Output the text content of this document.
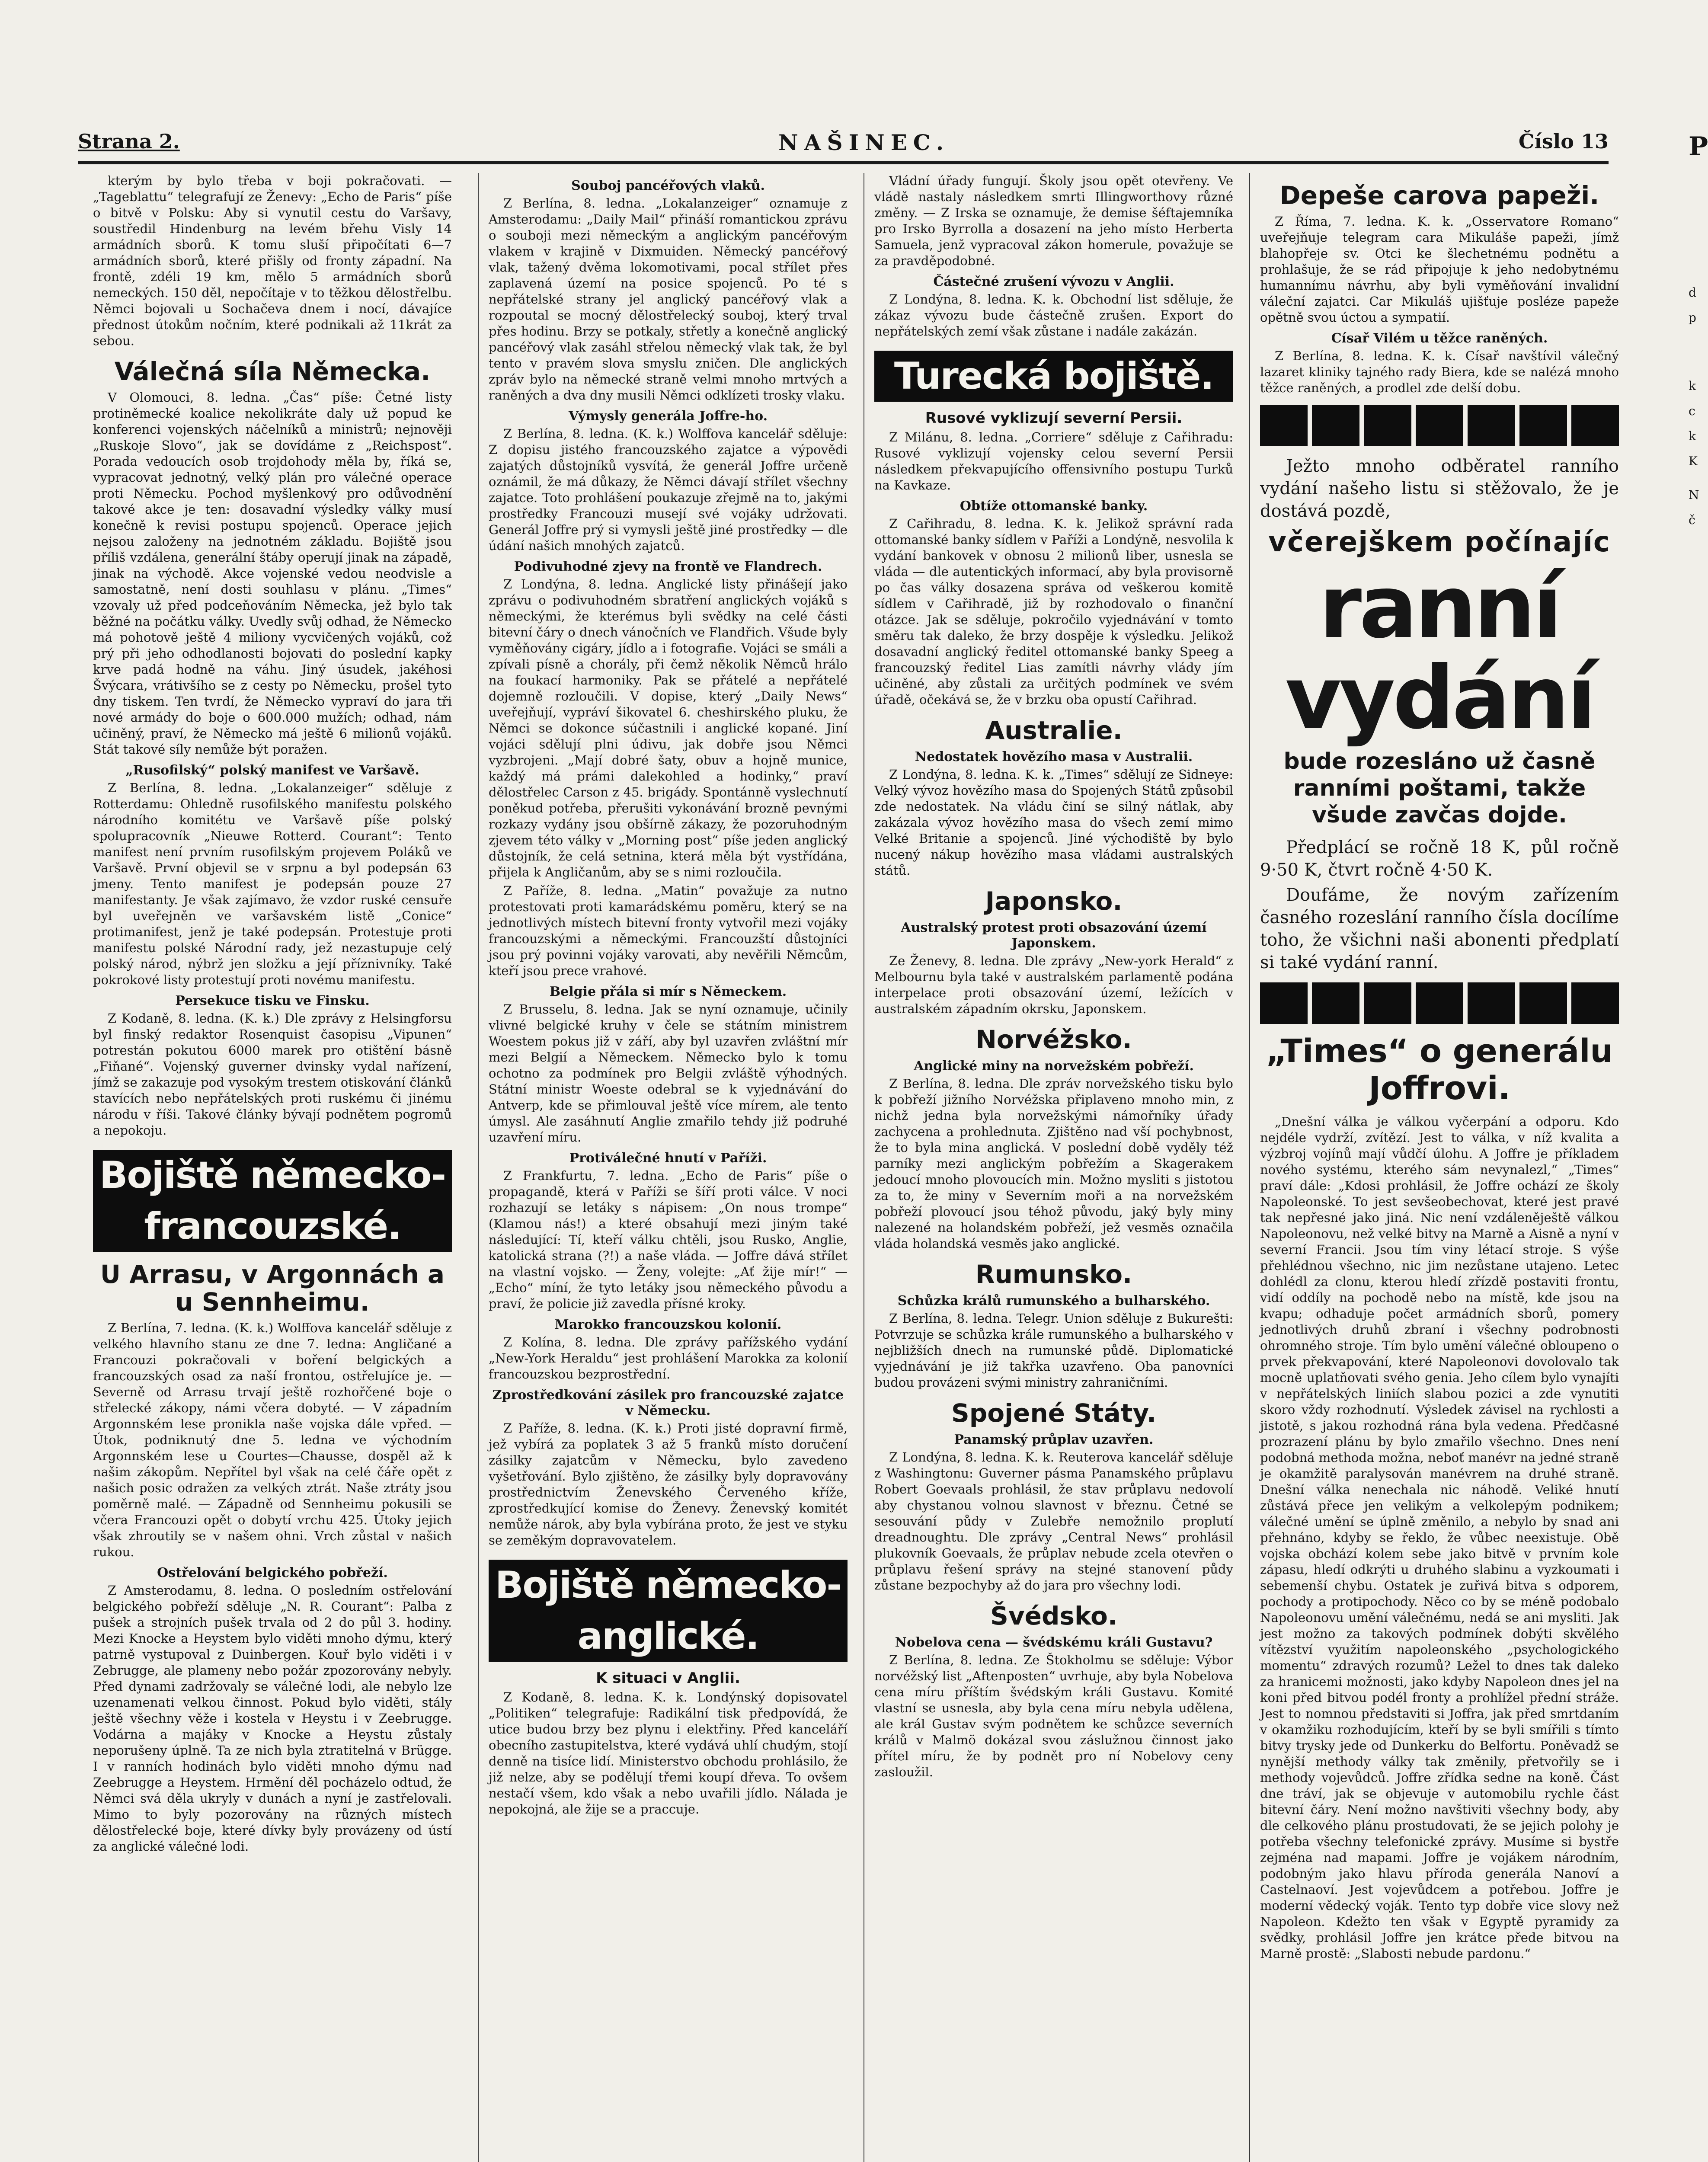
Strana 2.	NAŠINEC.	Číslo 13

kterým by bylo třeba v boji pokračovati. — „Tageblattu“ telegrafují ze Ženevy: „Echo de Paris“ píše o bitvě v Polsku: Aby si vynutil cestu do Varšavy, soustředil Hindenburg na levém břehu Visly 14 armádních sborů. K tomu sluší připočítati 6—7 armádních sborů, které přišly od fronty západní. Na frontě, zdéli 19 km, mělo 5 armádních sborů nemeckých. 150 děl, nepočítaje v to těžkou dělostřelbu. Němci bojovali u Sochačeva dnem i nocí, dávajíce přednost útokům nočním, které podnikali až 11krát za sebou.

Válečná síla Německa.

V Olomouci, 8. ledna. „Čas“ píše: Četné listy protiněmecké koalice nekolikráte daly už popud ke konferenci vojenských náčelníků a ministrů; nejnověji „Ruskoje Slovo“, jak se dovídáme z „Reichspost“. Porada vedoucích osob trojdohody měla by, říká se, vypracovat jednotný, velký plán pro válečné operace proti Německu. Pochod myšlenkový pro odůvodnění takové akce je ten: dosavadní výsledky války musí konečně k revisi postupu spojenců. Operace jejich nejsou založeny na jednotném základu. Bojiště jsou příliš vzdálena, generální štáby operují jinak na západě, jinak na východě. Akce vojenské vedou neodvisle a samostatně, není dosti souhlasu v plánu. „Times“ vzovaly už před podceňováním Německa, jež bylo tak běžné na počátku války. Uvedly svůj odhad, že Německo má pohotově ještě 4 miliony vycvičených vojáků, což prý při jeho odhodlanosti bojovati do poslední kapky krve padá hodně na váhu. Jiný úsudek, jakéhosi Švýcara, vrátivšího se z cesty po Německu, prošel tyto dny tiskem. Ten tvrdí, že Německo vypraví do jara tři nové armády do boje o 600.000 mužích; odhad, nám učiněný, praví, že Německo má ještě 6 milionů vojáků. Stát takové síly nemůže být poražen.

„Rusofilský“ polský manifest ve Varšavě.

Z Berlína, 8. ledna. „Lokalanzeiger“ sděluje z Rotterdamu: Ohledně rusofilského manifestu polského národního komitétu ve Varšavě píše polský spolupracovník „Nieuwe Rotterd. Courant“: Tento manifest není prvním rusofilským projevem Poláků ve Varšavě. První objevil se v srpnu a byl podepsán 63 jmeny. Tento manifest je podepsán pouze 27 manifestanty. Je však zajímavo, že vzdor ruské censuře byl uveřejněn ve varšavském listě „Conice“ protimanifest, jenž je také podepsán. Protestuje proti manifestu polské Národní rady, jež nezastupuje celý polský národ, nýbrž jen složku a její příznivníky. Také pokrokové listy protestují proti novému manifestu.

Persekuce tisku ve Finsku.

Z Kodaně, 8. ledna. (K. k.) Dle zprávy z Helsingforsu byl finský redaktor Rosenquist časopisu „Vipunen“ potrestán pokutou 6000 marek pro otištění básně „Fiňané“. Vojenský guverner dvinsky vydal nařízení, jímž se zakazuje pod vysokým trestem otiskování článků stavících nebo nepřátelských proti ruskému či jinému národu v říši. Takové články bývají podnětem pogromů a nepokoju.

Bojiště německo-francouzské.
U Arrasu, v Argonnách a u Sennheimu.

Z Berlína, 7. ledna. (K. k.) Wolffova kancelář sděluje z velkého hlavního stanu ze dne 7. ledna: Angličané a Francouzi pokračovali v boření belgických a francouzských osad za naší frontou, ostřelujíce je. — Severně od Arrasu trvají ještě rozhořčené boje o střelecké zákopy, námi včera dobyté. — V západním Argonnském lese pronikla naše vojska dále vpřed. — Útok, podniknutý dne 5. ledna ve východním Argonnském lese u Courtes—Chausse, dospěl až k našim zákopům. Nepřítel byl však na celé čáře opět z našich posic odražen za velkých ztrát. Naše ztráty jsou poměrně malé. — Západně od Sennheimu pokusili se včera Francouzi opět o dobytí vrchu 425. Útoky jejich však zhroutily se v našem ohni. Vrch zůstal v našich rukou.

Ostřelování belgického pobřeží.

Z Amsterodamu, 8. ledna. O posledním ostřelování belgického pobřeží sděluje „N. R. Courant“: Palba z pušek a strojních pušek trvala od 2 do půl 3. hodiny. Mezi Knocke a Heystem bylo viděti mnoho dýmu, který patrně vystupoval z Duinbergen. Kouř bylo viděti i v Zebrugge, ale plameny nebo požár zpozorovány nebyly. Před dynami zadržovaly se válečné lodi, ale nebylo lze uzenamenati velkou činnost. Pokud bylo viděti, stály ještě všechny věže i kostela v Heystu i v Zeebrugge. Vodárna a majáky v Knocke a Heystu zůstaly neporušeny úplně. Ta ze nich byla ztratitelná v Brügge. I v ranních hodinách bylo viděti mnoho dýmu nad Zeebrugge a Heystem. Hrmění děl pocházelo odtud, že Němci svá děla ukryly v dunách a nyní je zastřelovali. Mimo to byly pozorovány na různých místech dělostřelecké boje, které dívky byly provázeny od ústí za anglické válečné lodi.

Souboj pancéřových vlaků.

Z Berlína, 8. ledna. „Lokalanzeiger“ oznamuje z Amsterodamu: „Daily Mail“ přináší romantickou zprávu o souboji mezi německým a anglickým pancéřovým vlakem v krajině v Dixmuiden. Německý pancéřový vlak, tažený dvěma lokomotivami, pocal střílet přes zaplavená území na posice spojenců. Po té s nepřátelské strany jel anglický pancéřový vlak a rozpoutal se mocný dělostřelecký souboj, který trval přes hodinu. Brzy se potkaly, střetly a konečně anglický pancéřový vlak zasáhl střelou německý vlak tak, že byl tento v pravém slova smyslu zničen. Dle anglických zpráv bylo na německé straně velmi mnoho mrtvých a raněných a dva dny musili Němci odklízeti trosky vlaku.

Výmysly generála Joffre-ho.

Z Berlína, 8. ledna. (K. k.) Wolffova kancelář sděluje: Z dopisu jistého francouzského zajatce a výpovědi zajatých důstojníků vysvítá, že generál Joffre určeně oznámil, že má důkazy, že Němci dávají střílet všechny zajatce. Toto prohlášení poukazuje zřejmě na to, jakými prostředky Francouzi musejí své vojáky udržovati. Generál Joffre prý si vymysli ještě jiné prostředky — dle údání našich mnohých zajatců.

Podivuhodné zjevy na frontě ve Flandrech.

Z Londýna, 8. ledna. Anglické listy přinášejí jako zprávu o podivuhodném sbratření anglických vojáků s německými, že kterémus byli svědky na celé části bitevní čáry o dnech vánočních ve Flandřich. Všude byly vyměňovány cigáry, jídlo a i fotografie. Vojáci se smáli a zpívali písně a chorály, při čemž několik Němců hrálo na foukací harmoniky. Pak se přátelé a nepřátelé dojemně rozloučili. V dopise, který „Daily News“ uveřejňují, vypráví šikovatel 6. cheshirského pluku, že Němci se dokonce súčastnili i anglické kopané. Jiní vojáci sdělují plni údivu, jak dobře jsou Němci vyzbrojeni. „Mají dobré šaty, obuv a hojně munice, každý má prámi dalekohled a hodinky,“ praví dělostřelec Carson z 45. brigády. Spontánně vyslechnutí poněkud potřeba, přerušiti vykonávání brozně pevnými rozkazy vydány jsou obšírně zákazy, že pozoruhodným zjevem této války v „Morning post“ píše jeden anglický důstojník, že celá setnina, která měla být vystřídána, přijela k Angličanům, aby se s nimi rozloučila.

Z Paříže, 8. ledna. „Matin“ považuje za nutno protestovati proti kamarádskému poměru, který se na jednotlivých místech bitevní fronty vytvořil mezi vojáky francouzskými a německými. Francouzští důstojníci jsou prý povinni vojáky varovati, aby nevěřili Němcům, kteří jsou prece vrahové.

Belgie přála si mír s Německem.

Z Brusselu, 8. ledna. Jak se nyní oznamuje, učinily vlivné belgické kruhy v čele se státním ministrem Woestem pokus již v září, aby byl uzavřen zvláštní mír mezi Belgií a Německem. Německo bylo k tomu ochotno za podmínek pro Belgii zvláště výhodných. Státní ministr Woeste odebral se k vyjednávání do Antverp, kde se přimlouval ještě více mírem, ale tento úmysl. Ale zasáhnutí Anglie zmařilo tehdy již podruhé uzavření míru.

Protiválečné hnutí v Paříži.

Z Frankfurtu, 7. ledna. „Echo de Paris“ píše o propagandě, která v Paříži se šíří proti válce. V noci rozhazují se letáky s nápisem: „On nous trompe“ (Klamou nás!) a které obsahují mezi jiným také následující: Tí, kteří válku chtěli, jsou Rusko, Anglie, katolická strana (?!) a naše vláda. — Joffre dává střílet na vlastní vojsko. — Ženy, volejte: „Ať žije mír!“ — „Echo“ míní, že tyto letáky jsou německého původu a praví, že policie již zavedla přísné kroky.

Marokko francouzskou kolonií.

Z Kolína, 8. ledna. Dle zprávy pařížského vydání „New-York Heraldu“ jest prohlášení Marokka za kolonií francouzskou bezprostřední.

Zprostředkování zásilek pro francouzské zajatce v Německu.

Z Paříže, 8. ledna. (K. k.) Proti jisté dopravní firmě, jež vybírá za poplatek 3 až 5 franků místo doručení zásilky zajatcům v Německu, bylo zavedeno vyšetřování. Bylo zjištěno, že zásilky byly dopravovány prostřednictvím Ženevského Červeného kříže, zprostředkující komise do Ženevy. Ženevský komitét nemůže nárok, aby byla vybírána proto, že jest ve styku se zeměkým dopravovatelem.

Bojiště německo-anglické.
K situaci v Anglii.

Z Kodaně, 8. ledna. K. k. Londýnský dopisovatel „Politiken“ telegrafuje: Radikální tisk předpovídá, že utice budou brzy bez plynu i elektřiny. Před kanceláří obecního zastupitelstva, které vydává uhlí chudým, stojí denně na tisíce lidí. Ministerstvo obchodu prohlásilo, že již nelze, aby se podělují třemi koupí dřeva. To ovšem nestačí všem, kdo však a nebo uvařili jídlo. Nálada je nepokojná, ale žije se a praccuje.

Vládní úřady fungují. Školy jsou opět otevřeny. Ve vládě nastaly následkem smrti Illingworthovy různé změny. — Z Irska se oznamuje, že demise šéftajemníka pro Irsko Byrrolla a dosazení na jeho místo Herberta Samuela, jenž vypracoval zákon homerule, považuje se za pravděpodobné.

Částečné zrušení vývozu v Anglii.

Z Londýna, 8. ledna. K. k. Obchodní list sděluje, že zákaz vývozu bude částečně zrušen. Export do nepřátelských zemí však zůstane i nadále zakázán.

Turecká bojiště.
Rusové vyklizují severní Persii.

Z Milánu, 8. ledna. „Corriere“ sděluje z Cařihradu: Rusové vyklizují vojensky celou severní Persii následkem překvapujícího offensivního postupu Turků na Kavkaze.

Obtíže ottomanské banky.

Z Cařihradu, 8. ledna. K. k. Jelikož správní rada ottomanské banky sídlem v Paříži a Londýně, nesvolila k vydání bankovek v obnosu 2 milionů liber, usnesla se vláda — dle autentických informací, aby byla provisorně po čas války dosazena správa od veškerou komitě sídlem v Cařihradě, již by rozhodovalo o finanční otázce. Jak se sděluje, pokročilo vyjednávání v tomto směru tak daleko, že brzy dospěje k výsledku. Jelikož dosavadní anglický ředitel ottomanské banky Speeg a francouzský ředitel Lias zamítli návrhy vlády jím učiněné, aby zůstali za určitých podmínek ve svém úřadě, očekává se, že v brzku oba opustí Cařihrad.

Australie.
Nedostatek hovězího masa v Australii.

Z Londýna, 8. ledna. K. k. „Times“ sdělují ze Sidneye: Velký vývoz hovězího masa do Spojených Států způsobil zde nedostatek. Na vládu činí se silný nátlak, aby zakázala vývoz hovězího masa do všech zemí mimo Velké Britanie a spojenců. Jiné východiště by bylo nucený nákup hovězího masa vládami australských států.

Japonsko.
Australský protest proti obsazování území Japonskem.

Ze Ženevy, 8. ledna. Dle zprávy „New-york Herald“ z Melbournu byla také v australském parlamentě podána interpelace proti obsazování území, ležících v australském západním okrsku, Japonskem.

Norvéžsko.
Anglické miny na norvežském pobřeží.

Z Berlína, 8. ledna. Dle zpráv norvežského tisku bylo k pobřeží jižního Norvéžska připlaveno mnoho min, z nichž jedna byla norvežskými námořníky úřady zachycena a prohlednuta. Zjištěno nad vší pochybnost, že to byla mina anglická. V poslední době vyděly též parníky mezi anglickým pobřežím a Skagerakem jedoucí mnoho plovoucích min. Možno mysliti s jistotou za to, že miny v Severním moři a na norvežském pobřeží plovoucí jsou téhož původu, jaký byly miny nalezené na holandském pobřeží, jež vesměs označila vláda holandská vesměs jako anglické.

Rumunsko.
Schůzka králů rumunského a bulharského.

Z Berlína, 8. ledna. Telegr. Union sděluje z Bukurešti: Potvrzuje se schůzka krále rumunského a bulharského v nejbližších dnech na rumunské půdě. Diplomatické vyjednávání je již takřka uzavřeno. Oba panovníci budou provázeni svými ministry zahraničními.

Spojené Státy.
Panamský průplav uzavřen.

Z Londýna, 8. ledna. K. k. Reuterova kancelář sděluje z Washingtonu: Guverner pásma Panamského průplavu Robert Goevaals prohlásil, že stav průplavu nedovolí aby chystanou volnou slavnost v březnu. Četné se sesouvání půdy v Zulebře nemožnilo proplutí dreadnoughtu. Dle zprávy „Central News“ prohlásil plukovník Goevaals, že průplav nebude zcela otevřen o průplavu řešení správy na stejné stanovení půdy zůstane bezpochyby až do jara pro všechny lodi.

Švédsko.
Nobelova cena — švédskému králi Gustavu?

Z Berlína, 8. ledna. Ze Štokholmu se sděluje: Výbor norvéžský list „Aftenposten“ uvrhuje, aby byla Nobelova cena míru příštím švédským králi Gustavu. Komité vlastní se usnesla, aby byla cena míru nebyla udělena, ale král Gustav svým podnětem ke schůzce severních králů v Malmö dokázal svou záslužnou činnost jako přítel míru, že by podnět pro ní Nobelovy ceny zasloužil.

Depeše carova papeži.

Z Říma, 7. ledna. K. k. „Osservatore Romano“ uveřejňuje telegram cara Mikuláše papeži, jímž blahopřeje sv. Otci ke šlechetnému podnětu a prohlašuje, že se rád připojuje k jeho nedobytnému humannímu návrhu, aby byli vyměňování invalidní váleční zajatci. Car Mikuláš ujišťuje posléze papeže opětně svou úctou a sympatií.

Císař Vilém u těžce raněných.

Z Berlína, 8. ledna. K. k. Císař navštívil válečný lazaret kliniky tajného rady Biera, kde se nalézá mnoho těžce raněných, a prodlel zde delší dobu.

Ježto mnoho odběratel ranního vydání našeho listu si stěžovalo, že je dostává pozdě,

včerejškem počínajíc
ranní vydání
bude rozesláno už časně ranními poštami, takže všude zavčas dojde.

Předplácí se ročně 18 K, půl ročně 9·50 K, čtvrt ročně 4·50 K.

Doufáme, že novým zařízením časného rozeslání ranního čísla docílíme toho, že všichni naši abonenti předplatí si také vydání ranní.

„Times“ o generálu Joffrovi.

„Dnešní válka je válkou vyčerpání a odporu. Kdo nejdéle vydrží, zvítězí. Jest to válka, v níž kvalita a výzbroj vojínů mají vůdčí úlohu. A Joffre je příkladem nového systému, kterého sám nevynalezl,“ „Times“ praví dále: „Kdosi prohlásil, že Joffre ochází ze školy Napoleonské. To jest sevšeobechovat, které jest pravé tak nepřesné jako jiná. Nic není vzdáleněještě válkou Napoleonovu, než velké bitvy na Marně a Aisně a nyní v severní Francii. Jsou tím viny létací stroje. S výše přehlédnou všechno, nic jim nezůstane utajeno. Letec dohlédl za clonu, kterou hledí zřízdě postaviti frontu, vidí oddíly na pochodě nebo na místě, kde jsou na kvapu; odhaduje počet armádních sborů, pomery jednotlivých druhů zbraní i všechny podrobnosti ohromného stroje. Tím bylo umění válečné obloupeno o prvek překvapování, které Napoleonovi dovolovalo tak mocně uplatňovati svého genia. Jeho cílem bylo vynajíti v nepřátelských liniích slabou pozici a zde vynutiti skoro vždy rozhodnutí. Výsledek závisel na rychlosti a jistotě, s jakou rozhodná rána byla vedena. Předčasné prozrazení plánu by bylo zmařilo všechno. Dnes není podobná methoda možna, neboť manévr na jedné straně je okamžitě paralysován manévrem na druhé straně. Dnešní válka nenechala nic náhodě. Veliké hnutí zůstává přece jen velikým a velkolepým podnikem; válečné umění se úplně změnilo, a nebylo by snad ani přehnáno, kdyby se řeklo, že vůbec neexistuje. Obě vojska obchází kolem sebe jako bitvě v prvním kole zápasu, hledí odkrýti u druhého slabinu a vyzkoumati i sebemenší chybu. Ostatek je zuřivá bitva s odporem, pochody a protipochody. Něco co by se méně podobalo Napoleonovu umění válečnému, nedá se ani mysliti. Jak jest možno za takových podmínek dobýti skvělého vítězství využitím napoleonského „psychologického momentu“ zdravých rozumů? Ležel to dnes tak daleko za hranicemi možnosti, jako kdyby Napoleon dnes jel na koni před bitvou podél fronty a prohlížel přední stráže. Jest to nomnou představiti si Joffra, jak před smrtdaním v okamžiku rozhodujícím, kteří by se byli smířili s tímto bitvy trysky jede od Dunkerku do Belfortu. Poněvadž se nynější methody války tak změnily, přetvořily se i methody vojevůdců. Joffre zřídka sedne na koně. Část dne tráví, jak se objevuje v automobilu rychle část bitevní čáry. Není možno navštiviti všechny body, aby dle celkového plánu prostudovati, že se jejich polohy je potřeba všechny telefonické zprávy. Musíme si bystře zejména nad mapami. Joffre je vojákem národním, podobným jako hlavu příroda generála Nanoví a Castelnaoví. Jest vojevůdcem a potřebou. Joffre je moderní vědecký voják. Tento typ dobře vice slovy než Napoleon. Kdežto ten však v Egyptě pyramidy za svědky, prohlásil Joffre jen krátce přede bitvou na Marně prostě: „Slabosti nebude pardonu.“

P
d
p
k
c
k
K
N
č
